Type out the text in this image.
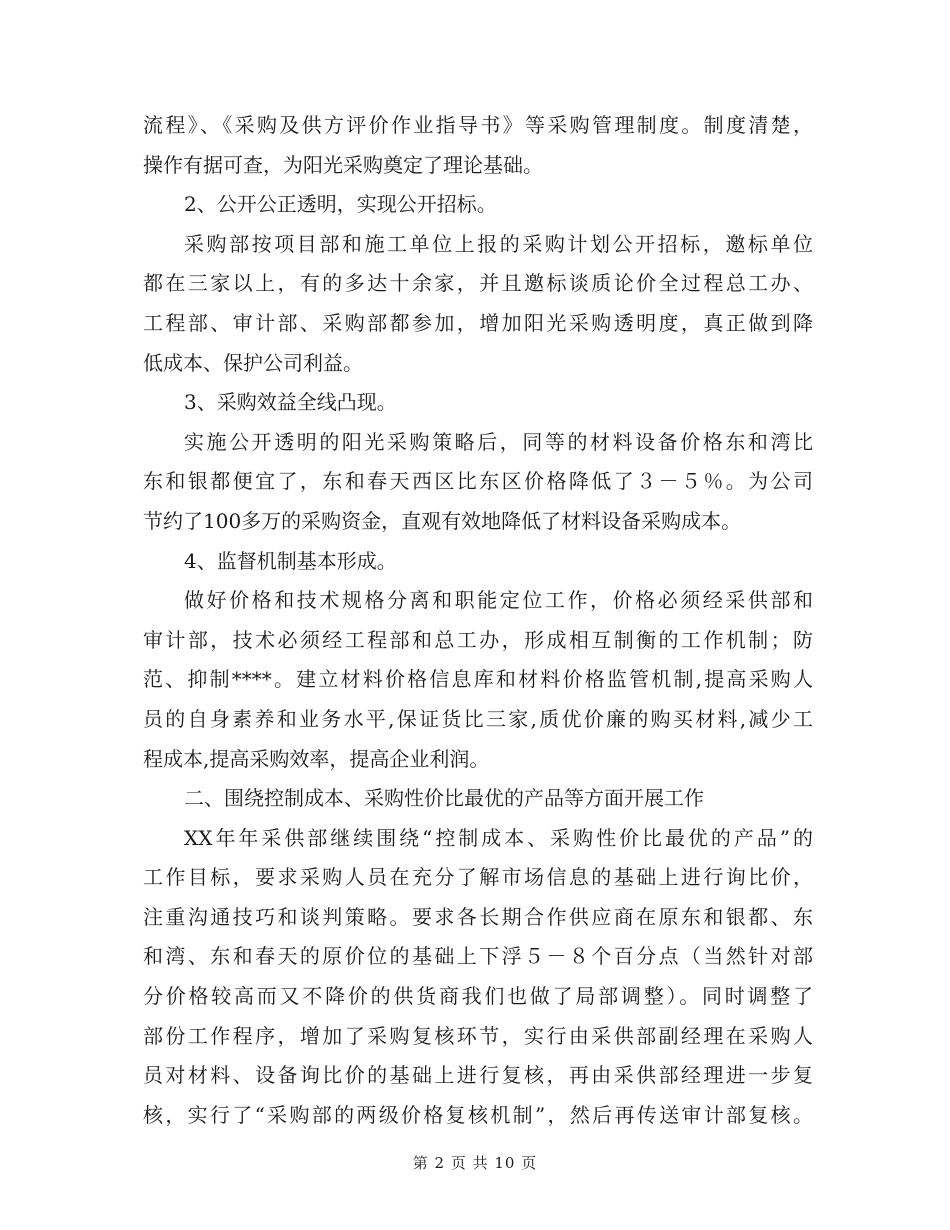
流程》、《采购及供方评价作业指导书》等采购管理制度。制度清楚，
操作有据可查，为阳光采购奠定了理论基础。
2、公开公正透明，实现公开招标。
采购部按项目部和施工单位上报的采购计划公开招标，邀标单位
都在三家以上，有的多达十余家，并且邀标谈质论价全过程总工办、
工程部、审计部、采购部都参加，增加阳光采购透明度，真正做到降
低成本、保护公司利益。
3、采购效益全线凸现。
实施公开透明的阳光采购策略后，同等的材料设备价格东和湾比
东和银都便宜了，东和春天西区比东区价格降低了３－５％。为公司
节约了100多万的采购资金，直观有效地降低了材料设备采购成本。
4、监督机制基本形成。
做好价格和技术规格分离和职能定位工作，价格必须经采供部和
审计部，技术必须经工程部和总工办，形成相互制衡的工作机制；防
范、抑制****。建立材料价格信息库和材料价格监管机制,提高采购人
员的自身素养和业务水平,保证货比三家,质优价廉的购买材料,减少工
程成本,提高采购效率，提高企业利润。
二、围绕控制成本、采购性价比最优的产品等方面开展工作
XX年年采供部继续围绕“控制成本、采购性价比最优的产品”的
工作目标，要求采购人员在充分了解市场信息的基础上进行询比价，
注重沟通技巧和谈判策略。要求各长期合作供应商在原东和银都、东
和湾、东和春天的原价位的基础上下浮５－８个百分点（当然针对部
分价格较高而又不降价的供货商我们也做了局部调整）。同时调整了
部份工作程序，增加了采购复核环节，实行由采供部副经理在采购人
员对材料、设备询比价的基础上进行复核，再由采供部经理进一步复
核，实行了“采购部的两级价格复核机制”，然后再传送审计部复核。
第 2 页 共 10 页
